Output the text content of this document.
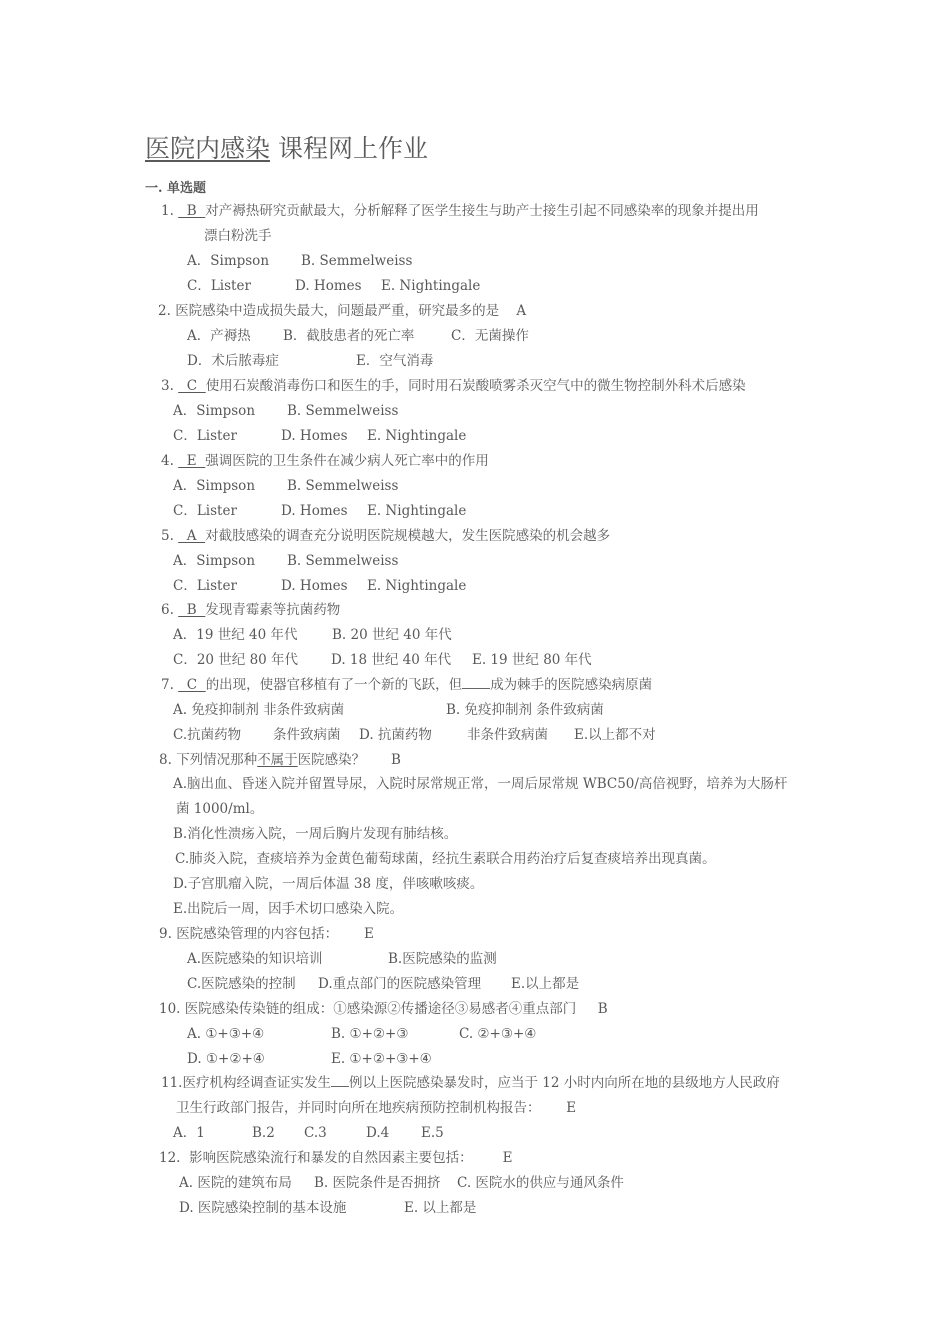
医院内感染 课程网上作业
一. 单选题
1.   B  对产褥热研究贡献最大，分析解释了医学生接生与助产士接生引起不同感染率的现象并提出用
漂白粉洗手
A．Simpson B. Semmelweiss
C．Lister	D. Homes E. Nightingale
2. 医院感染中造成损失最大，问题最严重，研究最多的是 A
A．产褥热 B．截肢患者的死亡率	C．无菌操作
D．术后脓毒症	E．空气消毒
3.   C  使用石炭酸消毒伤口和医生的手，同时用石炭酸喷雾杀灭空气中的微生物控制外科术后感染
A．Simpson B. Semmelweiss
C．Lister	D. Homes E. Nightingale
4.   E  强调医院的卫生条件在减少病人死亡率中的作用
A．Simpson B. Semmelweiss
C．Lister	D. Homes E. Nightingale
5.   A  对截肢感染的调查充分说明医院规模越大，发生医院感染的机会越多
A．Simpson B. Semmelweiss
C．Lister	D. Homes E. Nightingale
6.   B  发现青霉素等抗菌药物
A．19 世纪 40 年代	B. 20 世纪 40 年代
C．20 世纪 80 年代 D. 18 世纪 40 年代 E. 19 世纪 80 年代
7.   C  的出现，使器官移植有了一个新的飞跃，但 成为棘手的医院感染病原菌
A. 免疫抑制剂 非条件致病菌	B. 免疫抑制剂 条件致病菌
C.抗菌药物 条件致病菌 D. 抗菌药物	非条件致病菌 E.以上都不对
8. 下列情况那种不属于医院感染？ B
A.脑出血、昏迷入院并留置导尿，入院时尿常规正常，一周后尿常规 WBC50/高倍视野，培养为大肠杆
菌 1000/ml。
B.消化性溃疡入院，一周后胸片发现有肺结核。
C.肺炎入院，查痰培养为金黄色葡萄球菌，经抗生素联合用药治疗后复查痰培养出现真菌。
D.子宫肌瘤入院，一周后体温 38 度，伴咳嗽咳痰。
E.出院后一周，因手术切口感染入院。
9. 医院感染管理的内容包括： E
A.医院感染的知识培训	B.医院感染的监测
C.医院感染的控制 D.重点部门的医院感染管理 E.以上都是
10. 医院感染传染链的组成：①感染源②传播途径③易感者④重点部门 B
A. ①+③+④	B. ①+②+③	C. ②+③+④
D. ①+②+④	E. ①+②+③+④
11.医疗机构经调查证实发生 例以上医院感染暴发时，应当于 12 小时内向所在地的县级地方人民政府
卫生行政部门报告，并同时向所在地疾病预防控制机构报告： E
A．1	B.2 C.3	D.4 E.5
12. 影响医院感染流行和暴发的自然因素主要包括： E
A. 医院的建筑布局 B. 医院条件是否拥挤 C. 医院水的供应与通风条件
D. 医院感染控制的基本设施	E. 以上都是
